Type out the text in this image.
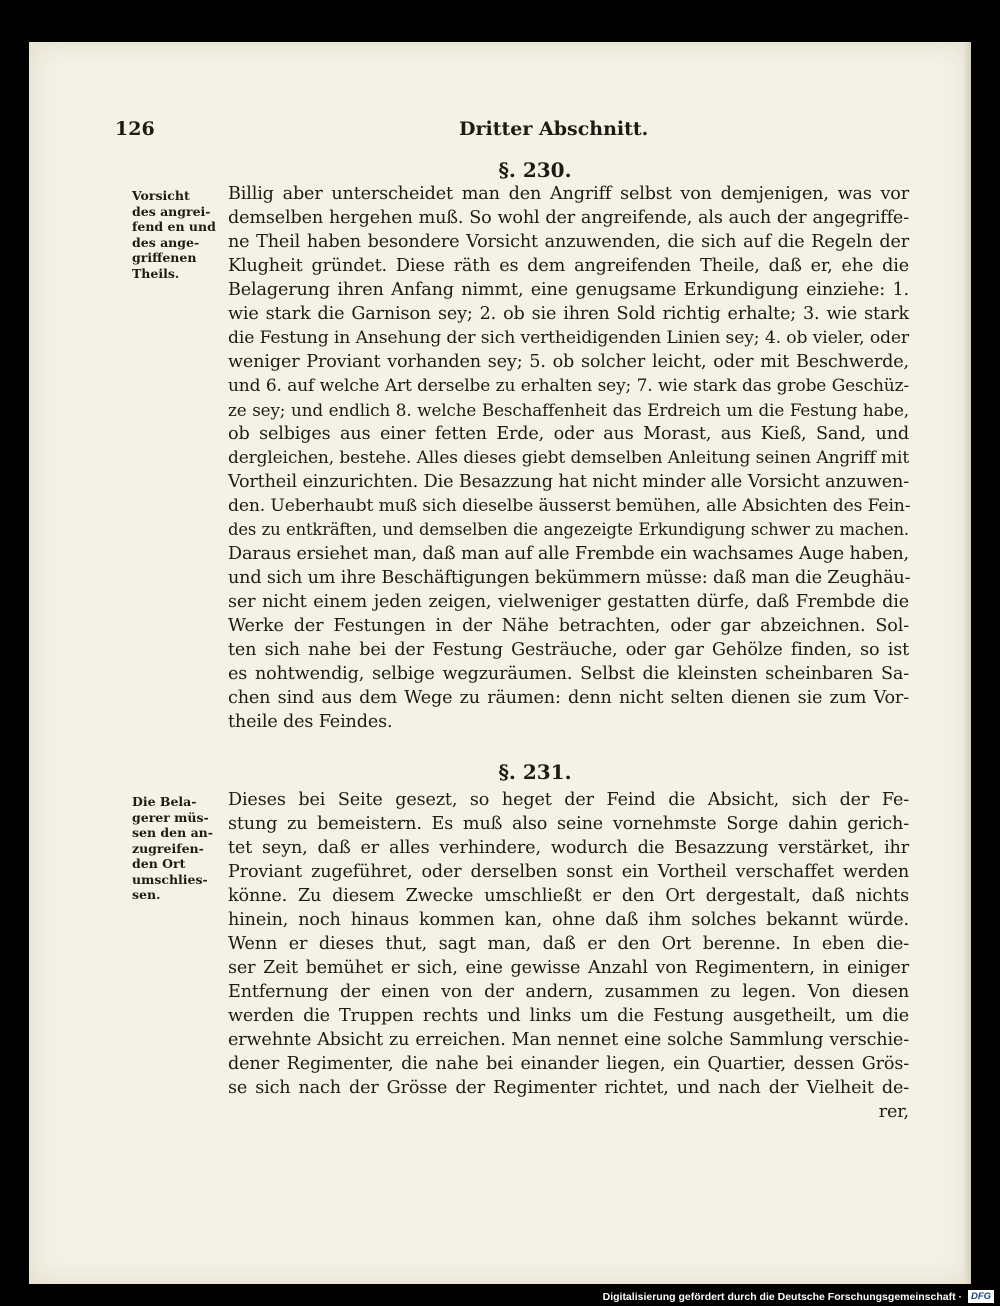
126	Dritter Abschnitt.
§. 230.
Vorsicht
des angrei-
fend en und
des ange-
griffenen
Theils.
Billig aber unterscheidet man den Angriff selbst von demjenigen, was vor
demselben hergehen muß. So wohl der angreifende, als auch der angegriffe-
ne Theil haben besondere Vorsicht anzuwenden, die sich auf die Regeln der
Klugheit gründet. Diese räth es dem angreifenden Theile, daß er, ehe die
Belagerung ihren Anfang nimmt, eine genugsame Erkundigung einziehe: 1.
wie stark die Garnison sey; 2. ob sie ihren Sold richtig erhalte; 3. wie stark
die Festung in Ansehung der sich vertheidigenden Linien sey; 4. ob vieler, oder
weniger Proviant vorhanden sey; 5. ob solcher leicht, oder mit Beschwerde,
und 6. auf welche Art derselbe zu erhalten sey; 7. wie stark das grobe Geschüz-
ze sey; und endlich 8. welche Beschaffenheit das Erdreich um die Festung habe,
ob selbiges aus einer fetten Erde, oder aus Morast, aus Kieß, Sand, und
dergleichen, bestehe. Alles dieses giebt demselben Anleitung seinen Angriff mit
Vortheil einzurichten. Die Besazzung hat nicht minder alle Vorsicht anzuwen-
den. Ueberhaubt muß sich dieselbe äusserst bemühen, alle Absichten des Fein-
des zu entkräften, und demselben die angezeigte Erkundigung schwer zu machen.
Daraus ersiehet man, daß man auf alle Frembde ein wachsames Auge haben,
und sich um ihre Beschäftigungen bekümmern müsse: daß man die Zeughäu-
ser nicht einem jeden zeigen, vielweniger gestatten dürfe, daß Frembde die
Werke der Festungen in der Nähe betrachten, oder gar abzeichnen. Sol-
ten sich nahe bei der Festung Gesträuche, oder gar Gehölze finden, so ist
es nohtwendig, selbige wegzuräumen. Selbst die kleinsten scheinbaren Sa-
chen sind aus dem Wege zu räumen: denn nicht selten dienen sie zum Vor-
theile des Feindes.
§. 231.
Die Bela-
gerer müs-
sen den an-
zugreifen-
den Ort
umschlies-
sen.
Dieses bei Seite gesezt, so heget der Feind die Absicht, sich der Fe-
stung zu bemeistern. Es muß also seine vornehmste Sorge dahin gerich-
tet seyn, daß er alles verhindere, wodurch die Besazzung verstärket, ihr
Proviant zugeführet, oder derselben sonst ein Vortheil verschaffet werden
könne. Zu diesem Zwecke umschließt er den Ort dergestalt, daß nichts
hinein, noch hinaus kommen kan, ohne daß ihm solches bekannt würde.
Wenn er dieses thut, sagt man, daß er den Ort berenne. In eben die-
ser Zeit bemühet er sich, eine gewisse Anzahl von Regimentern, in einiger
Entfernung der einen von der andern, zusammen zu legen. Von diesen
werden die Truppen rechts und links um die Festung ausgetheilt, um die
erwehnte Absicht zu erreichen. Man nennet eine solche Sammlung verschie-
dener Regimenter, die nahe bei einander liegen, ein Quartier, dessen Grös-
se sich nach der Grösse der Regimenter richtet, und nach der Vielheit de-
rer,
Digitalisierung gefördert durch die Deutsche Forschungsgemeinschaft · DFG
